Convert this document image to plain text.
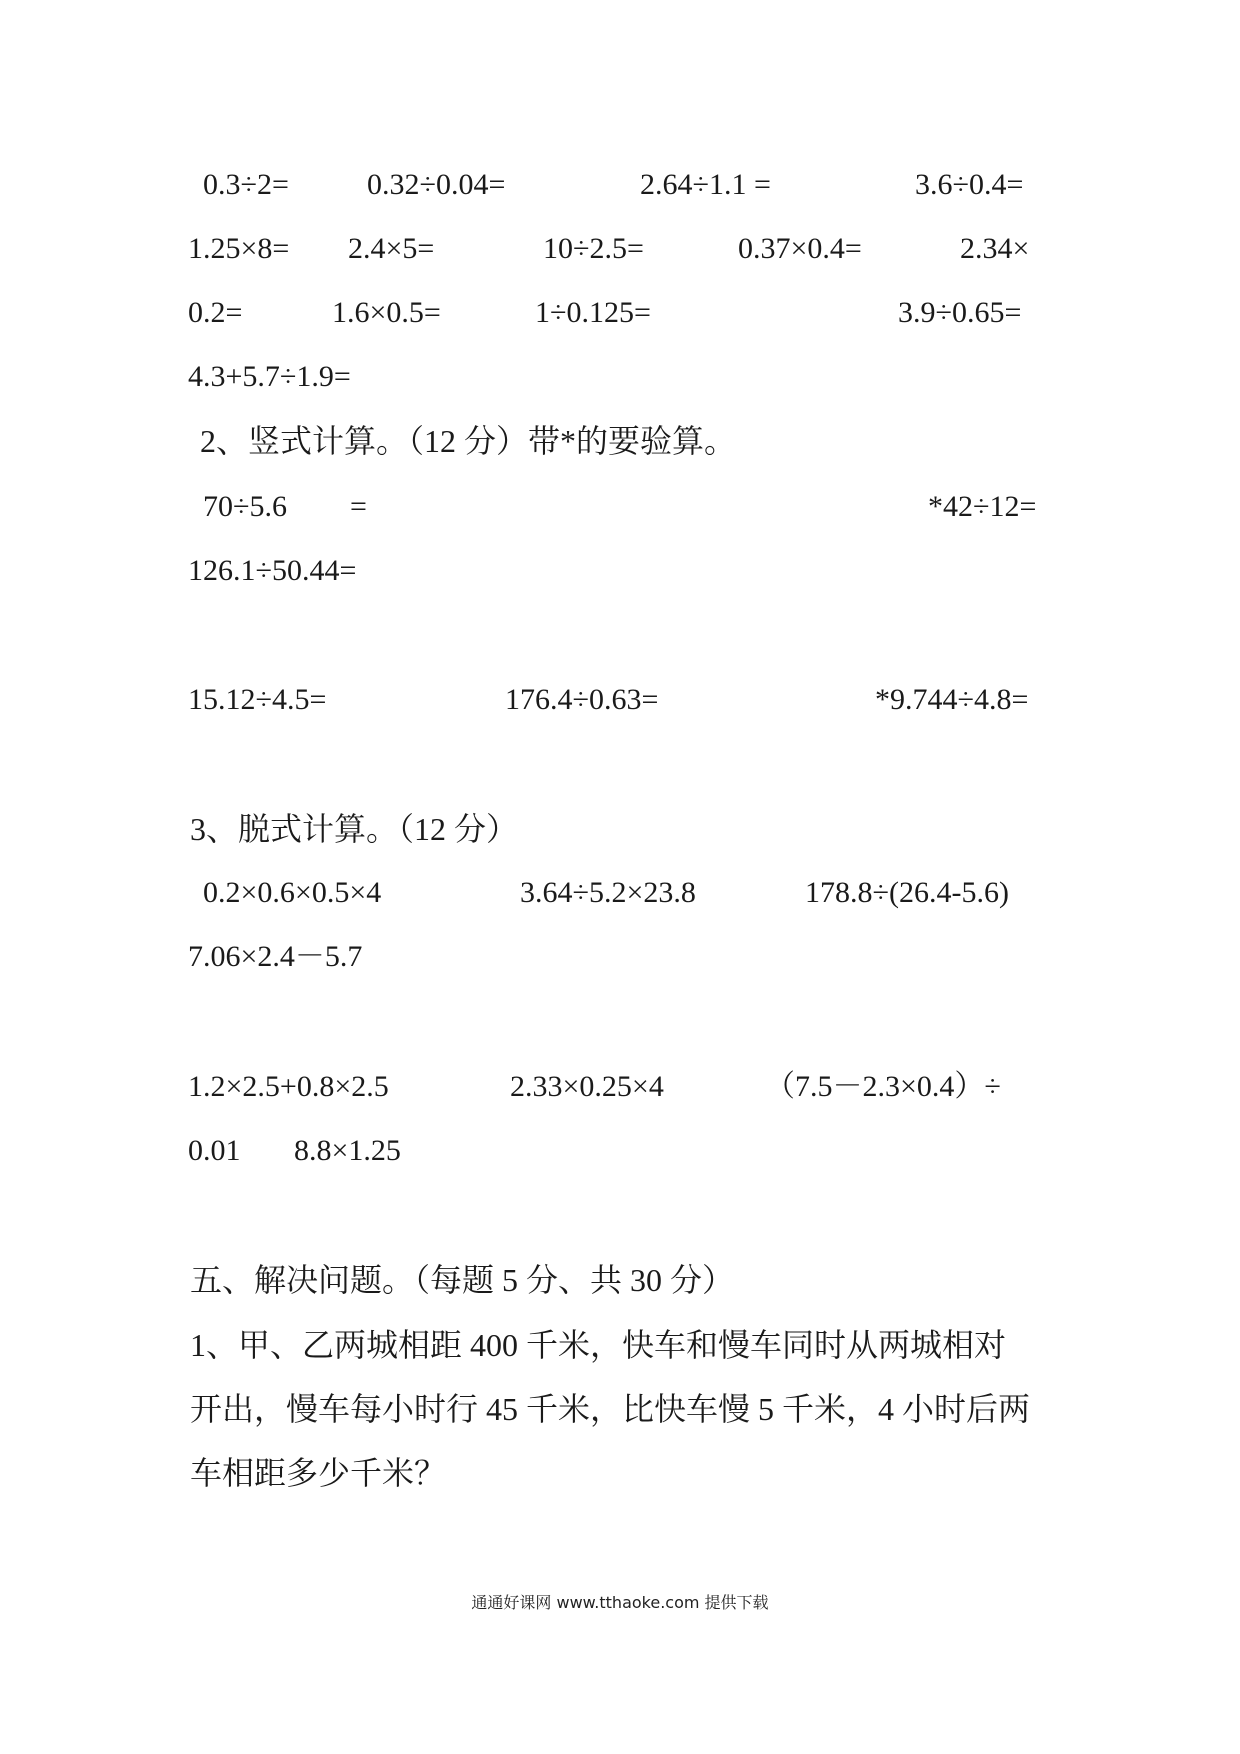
0.3÷2=	0.32÷0.04=	2.64÷1.1 =	3.6÷0.4=
1.25×8= 2.4×5=	10÷2.5=	0.37×0.4=	2.34×
0.2=	1.6×0.5=	1÷0.125=	3.9÷0.65=
4.3+5.7÷1.9=
2、竖式计算。（12 分）带*的要验算。
70÷5.6 =	*42÷12=
126.1÷50.44=
15.12÷4.5=	176.4÷0.63=	*9.744÷4.8=
3、脱式计算。（12 分）
0.2×0.6×0.5×4	3.64÷5.2×23.8	178.8÷(26.4-5.6)
7.06×2.4－5.7
1.2×2.5+0.8×2.5	2.33×0.25×4	（7.5－2.3×0.4）÷
0.01 8.8×1.25
五、解决问题。（每题 5 分、共 30 分）
1、甲、乙两城相距 400 千米，快车和慢车同时从两城相对
开出，慢车每小时行 45 千米，比快车慢 5 千米，4 小时后两
车相距多少千米？
通通好课网 www.tthaoke.com 提供下载
